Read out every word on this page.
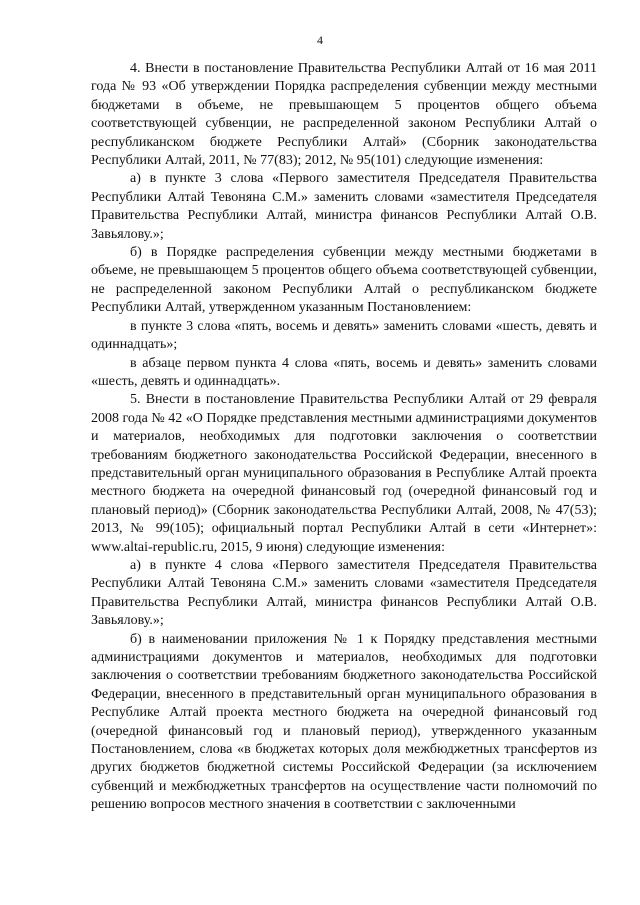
4

4. Внести в постановление Правительства Республики Алтай от 16 мая 2011 года № 93 «Об утверждении Порядка распределения субвенции между местными бюджетами в объеме, не превышающем 5 процентов общего объема соответствующей субвенции, не распределенной законом Республики Алтай о республиканском бюджете Республики Алтай» (Сборник законодательства Республики Алтай, 2011, № 77(83); 2012, № 95(101) следующие изменения:

а) в пункте 3 слова «Первого заместителя Председателя Правительства Республики Алтай Тевоняна С.М.» заменить словами «заместителя Председателя Правительства Республики Алтай, министра финансов Республики Алтай О.В. Завьялову.»;

б) в Порядке распределения субвенции между местными бюджетами в объеме, не превышающем 5 процентов общего объема соответствующей субвенции, не распределенной законом Республики Алтай о республиканском бюджете Республики Алтай, утвержденном указанным Постановлением:

в пункте 3 слова «пять, восемь и девять» заменить словами «шесть, девять и одиннадцать»;

в абзаце первом пункта 4 слова «пять, восемь и девять» заменить словами «шесть, девять и одиннадцать».

5. Внести в постановление Правительства Республики Алтай от 29 февраля 2008 года № 42 «О Порядке представления местными администрациями документов и материалов, необходимых для подготовки заключения о соответствии требованиям бюджетного законодательства Российской Федерации, внесенного в представительный орган муниципального образования в Республике Алтай проекта местного бюджета на очередной финансовый год (очередной финансовый год и плановый период)» (Сборник законодательства Республики Алтай, 2008, № 47(53); 2013, № 99(105); официальный портал Республики Алтай в сети «Интернет»: www.altai-republic.ru, 2015, 9 июня) следующие изменения:

а) в пункте 4 слова «Первого заместителя Председателя Правительства Республики Алтай Тевоняна С.М.» заменить словами «заместителя Председателя Правительства Республики Алтай, министра финансов Республики Алтай О.В. Завьялову.»;

б) в наименовании приложения № 1 к Порядку представления местными администрациями документов и материалов, необходимых для подготовки заключения о соответствии требованиям бюджетного законодательства Российской Федерации, внесенного в представительный орган муниципального образования в Республике Алтай проекта местного бюджета на очередной финансовый год (очередной финансовый год и плановый период), утвержденного указанным Постановлением, слова «в бюджетах которых доля межбюджетных трансфертов из других бюджетов бюджетной системы Российской Федерации (за исключением субвенций и межбюджетных трансфертов на осуществление части полномочий по решению вопросов местного значения в соответствии с заключенными
